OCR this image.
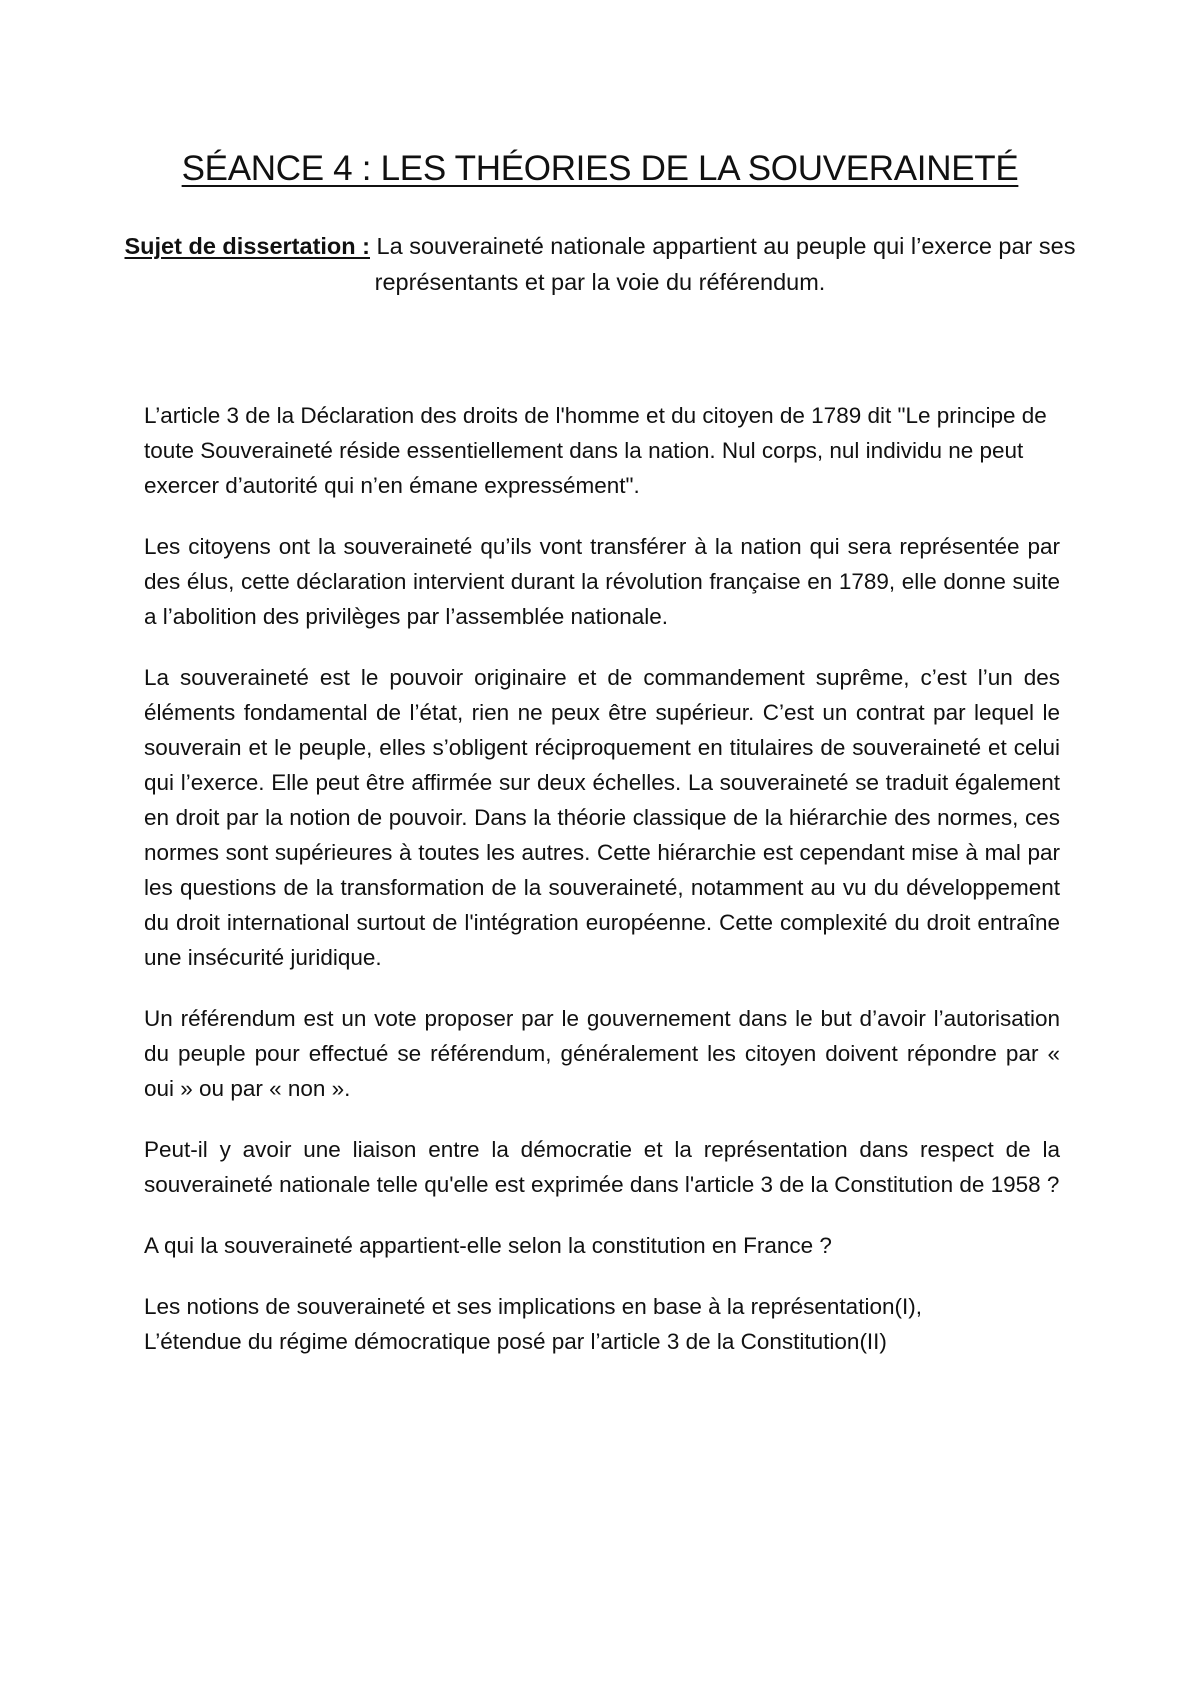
SÉANCE 4 : LES THÉORIES DE LA SOUVERAINETÉ

Sujet de dissertation : La souveraineté nationale appartient au peuple qui l’exerce par ses représentants et par la voie du référendum.

L’article 3 de la Déclaration des droits de l'homme et du citoyen de 1789 dit "Le principe de toute Souveraineté réside essentiellement dans la nation. Nul corps, nul individu ne peut exercer d’autorité qui n’en émane expressément".

Les citoyens ont la souveraineté qu’ils vont transférer à la nation qui sera représentée par des élus, cette déclaration intervient durant la révolution française en 1789, elle donne suite a l’abolition des privilèges par l’assemblée nationale.

La souveraineté est le pouvoir originaire et de commandement suprême, c’est l’un des éléments fondamental de l’état, rien ne peux être supérieur. C’est un contrat par lequel le souverain et le peuple, elles s’obligent réciproquement en titulaires de souveraineté et celui qui l’exerce. Elle peut être affirmée sur deux échelles. La souveraineté se traduit également en droit par la notion de pouvoir. Dans la théorie classique de la hiérarchie des normes, ces normes sont supérieures à toutes les autres. Cette hiérarchie est cependant mise à mal par les questions de la transformation de la souveraineté, notamment au vu du développement du droit international surtout de l'intégration européenne. Cette complexité du droit entraîne une insécurité juridique.

Un référendum est un vote proposer par le gouvernement dans le but d’avoir l’autorisation du peuple pour effectué se référendum, généralement les citoyen doivent répondre par « oui » ou par « non ».

Peut-il y avoir une liaison entre la démocratie et la représentation dans respect de la souveraineté nationale telle qu'elle est exprimée dans l'article 3 de la Constitution de 1958 ?

A qui la souveraineté appartient-elle selon la constitution en France ?

Les notions de souveraineté et ses implications en base à la représentation(I),

L’étendue du régime démocratique posé par l’article 3 de la Constitution(II)
